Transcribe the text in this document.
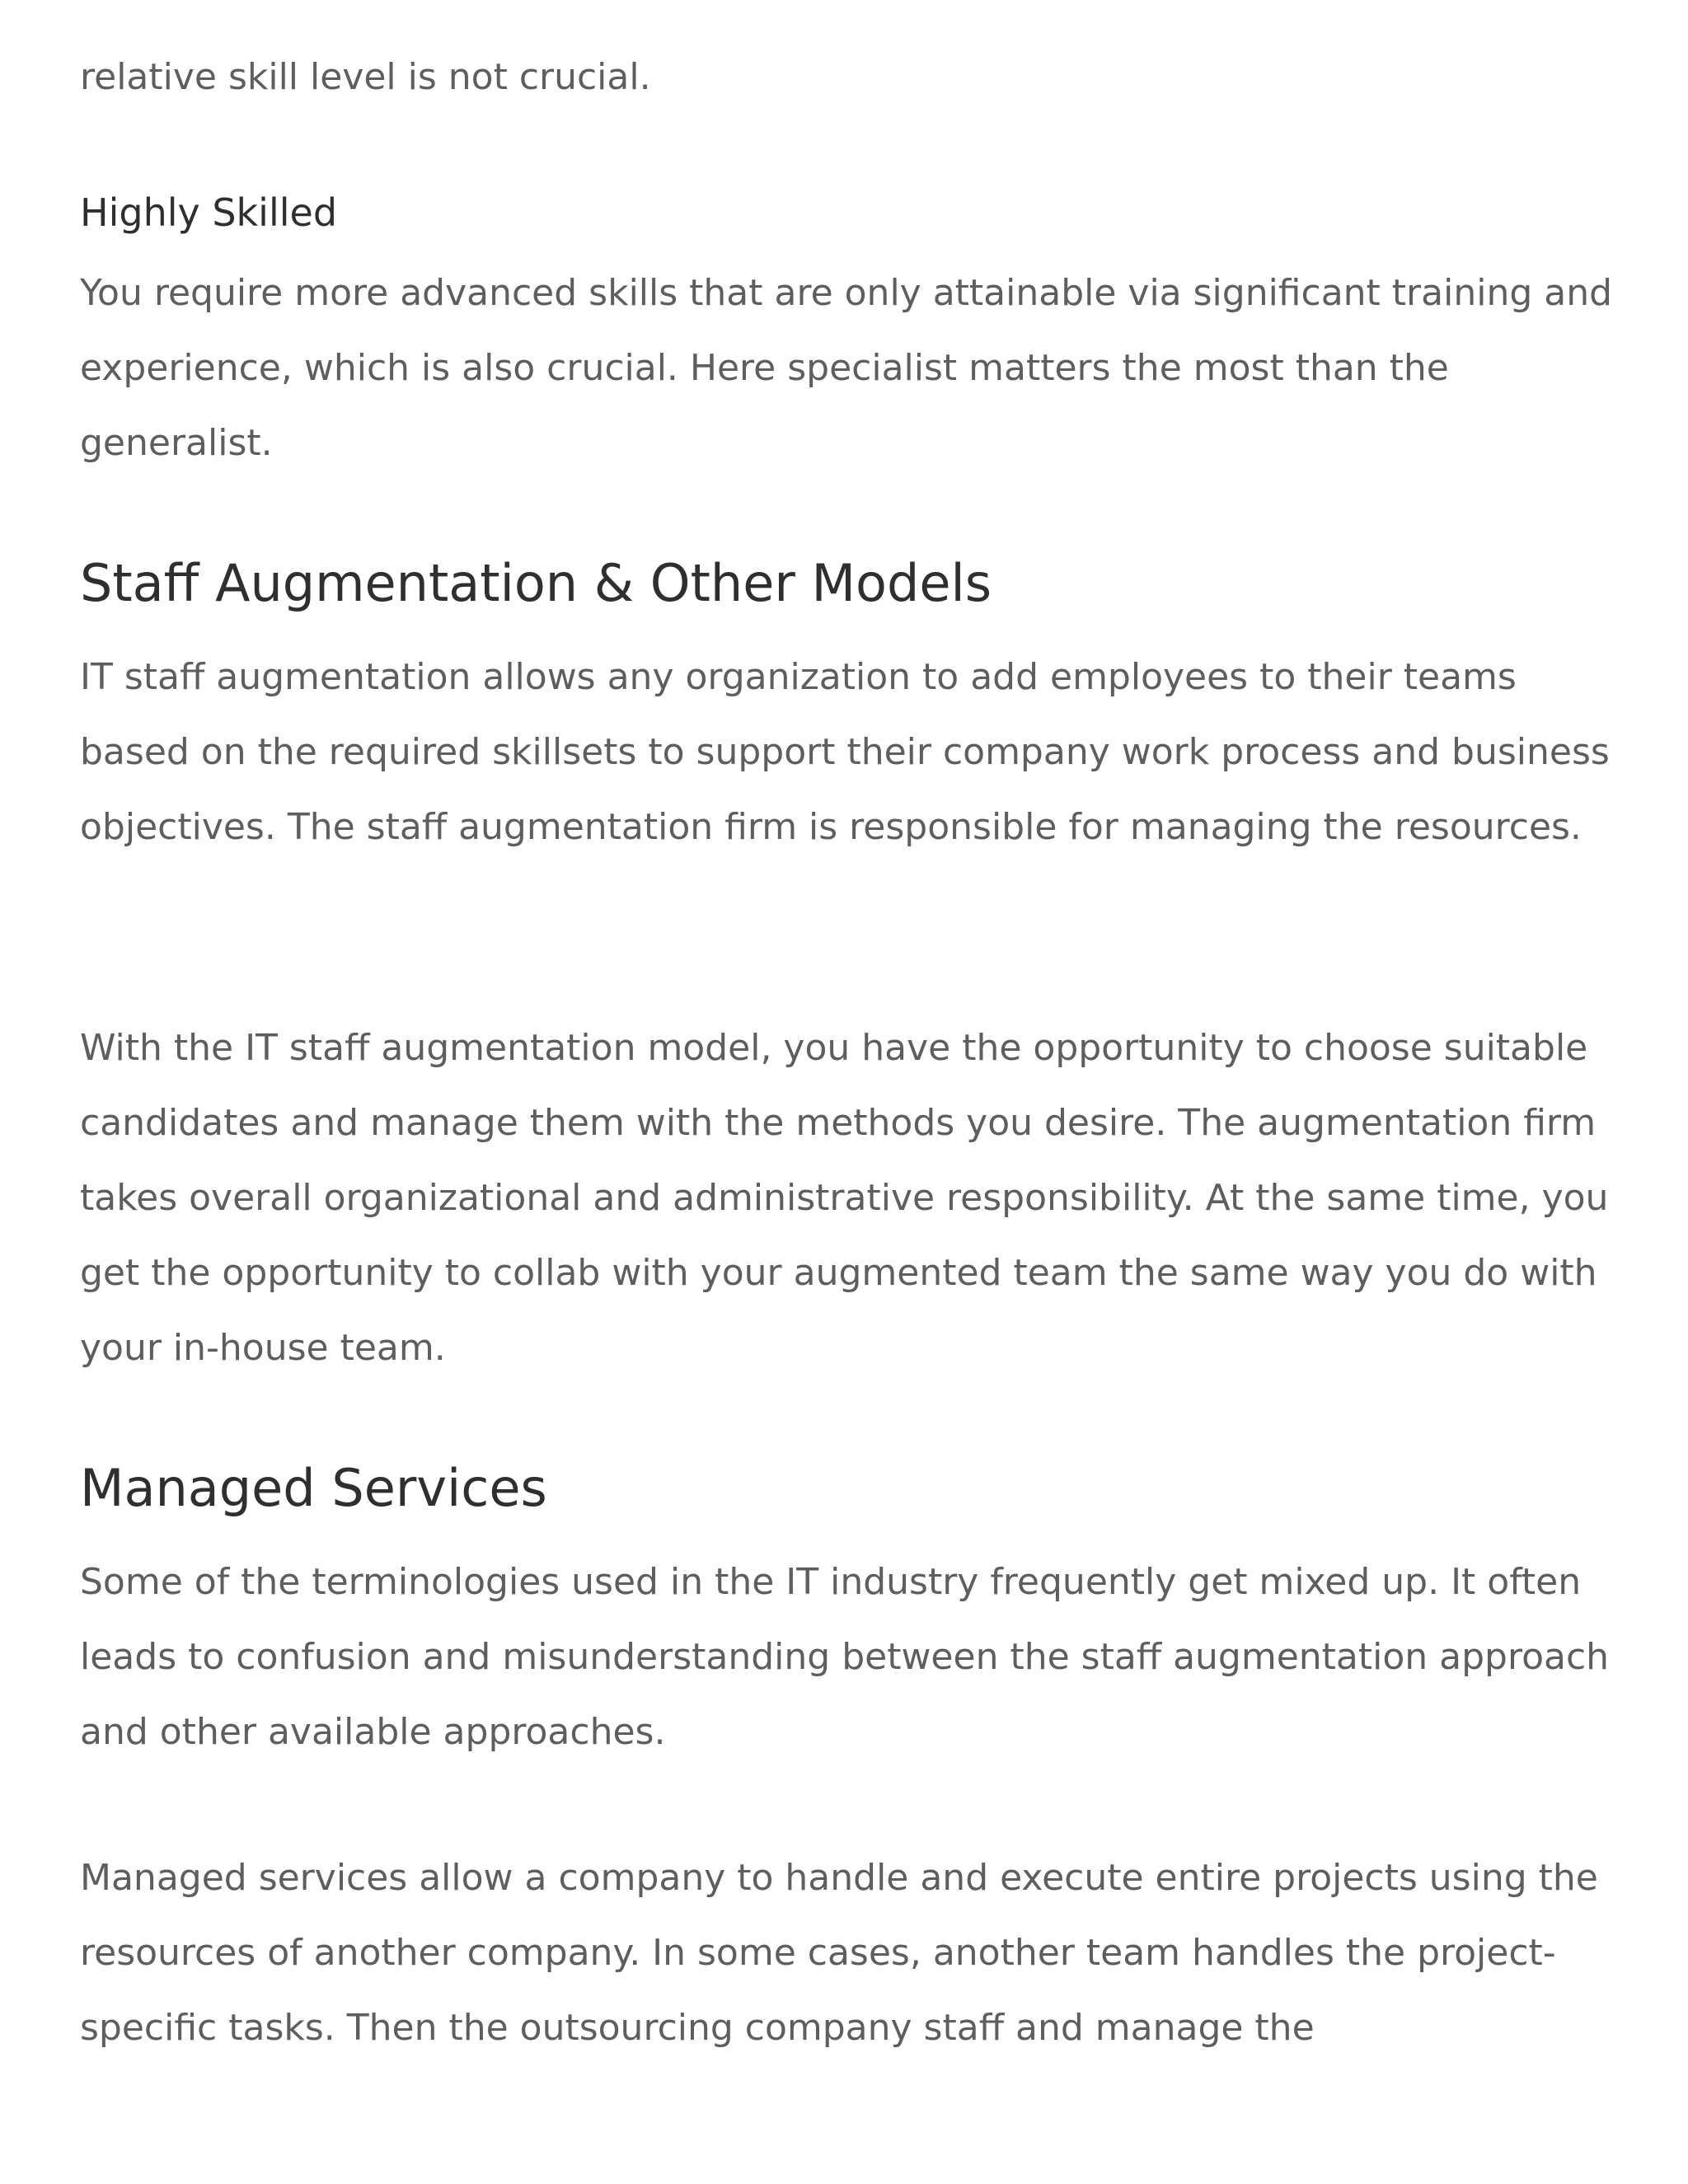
relative skill level is not crucial.

Highly Skilled

You require more advanced skills that are only attainable via significant training and experience, which is also crucial. Here specialist matters the most than the generalist.

Staff Augmentation & Other Models

IT staff augmentation allows any organization to add employees to their teams based on the required skillsets to support their company work process and business objectives. The staff augmentation firm is responsible for managing the resources.

With the IT staff augmentation model, you have the opportunity to choose suitable candidates and manage them with the methods you desire. The augmentation firm takes overall organizational and administrative responsibility. At the same time, you get the opportunity to collab with your augmented team the same way you do with your in-house team.

Managed Services

Some of the terminologies used in the IT industry frequently get mixed up. It often leads to confusion and misunderstanding between the staff augmentation approach and other available approaches.

Managed services allow a company to handle and execute entire projects using the resources of another company. In some cases, another team handles the project-specific tasks. Then the outsourcing company staff and manage the
